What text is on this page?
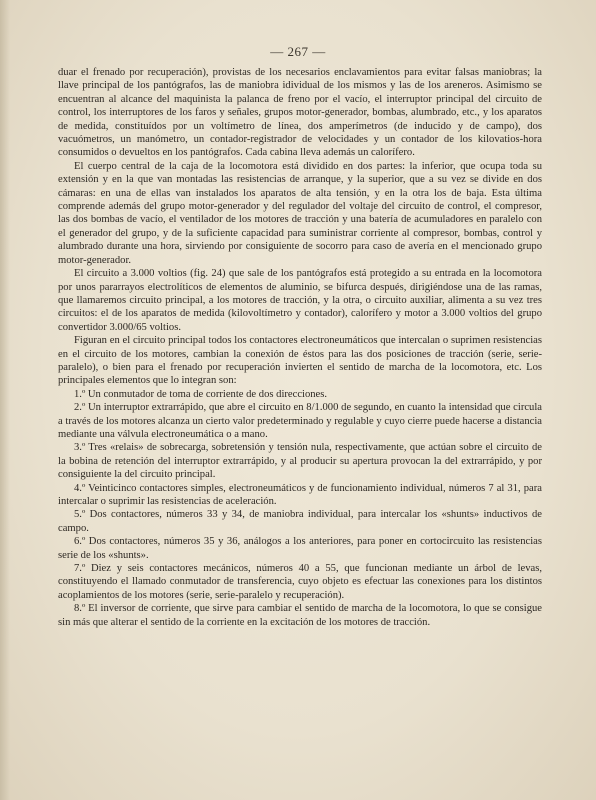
— 267 —

duar el frenado por recuperación), provistas de los necesarios enclavamientos para evitar falsas maniobras; la llave principal de los pantógrafos, las de maniobra idividual de los mismos y las de los areneros. Asimismo se encuentran al alcance del maquinista la palanca de freno por el vacío, el interruptor principal del circuito de control, los interruptores de los faros y señales, grupos motor-generador, bombas, alumbrado, etc., y los aparatos de medida, constituídos por un voltímetro de línea, dos amperímetros (de inducido y de campo), dos vacuómetros, un manómetro, un contador-registrador de velocidades y un contador de los kilovatios-hora consumidos o devueltos en los pantógrafos. Cada cabina lleva además un calorífero.

El cuerpo central de la caja de la locomotora está dividido en dos partes: la inferior, que ocupa toda su extensión y en la que van montadas las resistencias de arranque, y la superior, que a su vez se divide en dos cámaras: en una de ellas van instalados los aparatos de alta tensión, y en la otra los de baja. Esta última comprende además del grupo motor-generador y del regulador del voltaje del circuito de control, el compresor, las dos bombas de vacío, el ventilador de los motores de tracción y una batería de acumuladores en paralelo con el generador del grupo, y de la suficiente capacidad para suministrar corriente al compresor, bombas, control y alumbrado durante una hora, sirviendo por consiguiente de socorro para caso de avería en el mencionado grupo motor-generador.

El circuito a 3.000 voltios (fig. 24) que sale de los pantógrafos está protegido a su entrada en la locomotora por unos pararrayos electrolíticos de elementos de aluminio, se bifurca después, dirigiéndose una de las ramas, que llamaremos circuito principal, a los motores de tracción, y la otra, o circuito auxiliar, alimenta a su vez tres circuitos: el de los aparatos de medida (kilovoltímetro y contador), calorífero y motor a 3.000 voltios del grupo convertidor 3.000/65 voltios.

Figuran en el circuito principal todos los contactores electroneumáticos que intercalan o suprimen resistencias en el circuito de los motores, cambian la conexión de éstos para las dos posiciones de tracción (serie, serie-paralelo), o bien para el frenado por recuperación invierten el sentido de marcha de la locomotora, etc. Los principales elementos que lo integran son:

1.º Un conmutador de toma de corriente de dos direcciones.

2.º Un interruptor extrarrápido, que abre el circuito en 8/1.000 de segundo, en cuanto la intensidad que circula a través de los motores alcanza un cierto valor predeterminado y regulable y cuyo cierre puede hacerse a distancia mediante una válvula electroneumática o a mano.

3.º Tres «relais» de sobrecarga, sobretensión y tensión nula, respectivamente, que actúan sobre el circuito de la bobina de retención del interruptor extrarrápido, y al producir su apertura provocan la del extrarrápido, y por consiguiente la del circuito principal.

4.º Veinticinco contactores simples, electroneumáticos y de funcionamiento individual, números 7 al 31, para intercalar o suprimir las resistencias de aceleración.

5.º Dos contactores, números 33 y 34, de maniobra individual, para intercalar los «shunts» inductivos de campo.

6.º Dos contactores, números 35 y 36, análogos a los anteriores, para poner en cortocircuito las resistencias serie de los «shunts».

7.º Diez y seis contactores mecánicos, números 40 a 55, que funcionan mediante un árbol de levas, constituyendo el llamado conmutador de transferencia, cuyo objeto es efectuar las conexiones para los distintos acoplamientos de los motores (serie, serie-paralelo y recuperación).

8.º El inversor de corriente, que sirve para cambiar el sentido de marcha de la locomotora, lo que se consigue sin más que alterar el sentido de la corriente en la excitación de los motores de tracción.
